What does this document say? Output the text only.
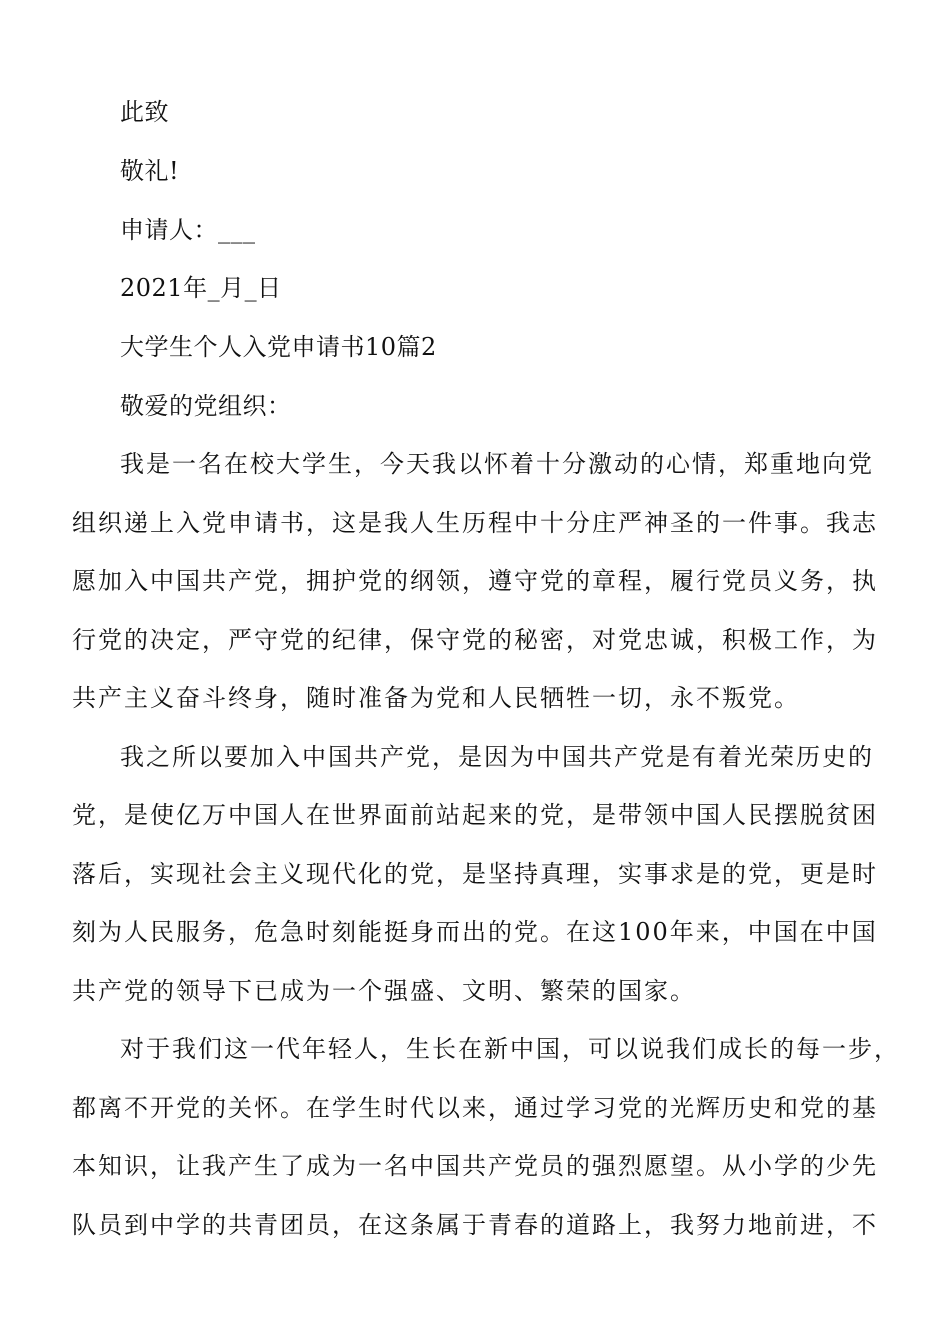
此致
敬礼!
申请人：___
2021年_月_日
大学生个人入党申请书10篇2
敬爱的党组织：
我是一名在校大学生，今天我以怀着十分激动的心情，郑重地向党
组织递上入党申请书，这是我人生历程中十分庄严神圣的一件事。我志
愿加入中国共产党，拥护党的纲领，遵守党的章程，履行党员义务，执
行党的决定，严守党的纪律，保守党的秘密，对党忠诚，积极工作，为
共产主义奋斗终身，随时准备为党和人民牺牲一切，永不叛党。
我之所以要加入中国共产党，是因为中国共产党是有着光荣历史的
党，是使亿万中国人在世界面前站起来的党，是带领中国人民摆脱贫困
落后，实现社会主义现代化的党，是坚持真理，实事求是的党，更是时
刻为人民服务，危急时刻能挺身而出的党。在这100年来，中国在中国
共产党的领导下已成为一个强盛、文明、繁荣的国家。
对于我们这一代年轻人，生长在新中国，可以说我们成长的每一步，
都离不开党的关怀。在学生时代以来，通过学习党的光辉历史和党的基
本知识，让我产生了成为一名中国共产党员的强烈愿望。从小学的少先
队员到中学的共青团员，在这条属于青春的道路上，我努力地前进，不
